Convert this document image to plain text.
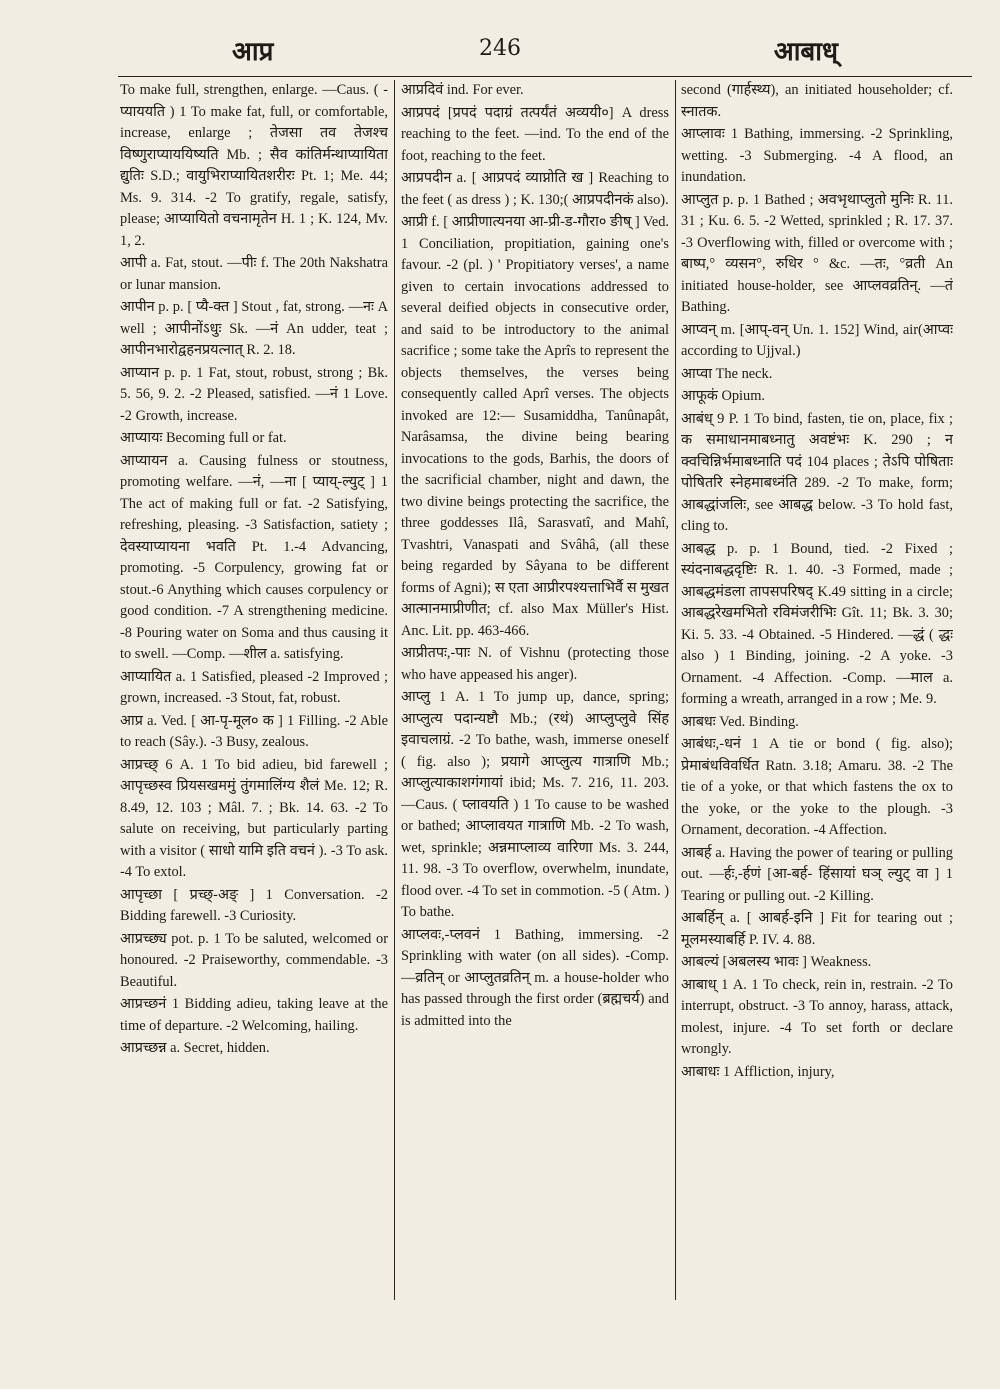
आप्र	246	आबाध्

To make full, strengthen, enlarge. —Caus. ( -प्याययति ) 1 To make fat, full, or comfortable, increase, enlarge ; तेजसा तव तेजश्च विष्णुराप्याययिष्यति Mb. ; सैव कांतिर्मन्थाप्यायिता द्युतिः S.D.; वायुभिराप्यायितशरीरः Pt. 1; Me. 44; Ms. 9. 314. -2 To gratify, regale, satisfy, please; आप्यायितो वचनामृतेन H. 1 ; K. 124, Mv. 1, 2.

आपी a. Fat, stout. —पीः f. The 20th Nakshatra or lunar mansion.

आपीन p. p. [ प्यै-क्त ] Stout , fat, strong. —नः A well ; आपीनोंऽधुः Sk. —नं An udder, teat ; आपीनभारोद्वहनप्रयत्नात् R. 2. 18.

आप्यान p. p. 1 Fat, stout, robust, strong ; Bk. 5. 56, 9. 2. -2 Pleased, satisfied. —नं 1 Love. -2 Growth, increase.

आप्यायः Becoming full or fat.

आप्यायन a. Causing fulness or stoutness, promoting welfare. —नं, —ना [ प्याय्-ल्युट् ] 1 The act of making full or fat. -2 Satisfying, refreshing, pleasing. -3 Satisfaction, satiety ; देवस्याप्यायना भवति Pt. 1.-4 Advancing, promoting. -5 Corpulency, growing fat or stout.-6 Anything which causes corpulency or good condition. -7 A strengthening medicine. -8 Pouring water on Soma and thus causing it to swell. —Comp. —शील a. satisfying.

आप्यायित a. 1 Satisfied, pleased -2 Improved ; grown, increased. -3 Stout, fat, robust.

आप्र a. Ved. [ आ-पृ-मूल० क ] 1 Filling. -2 Able to reach (Sây.). -3 Busy, zealous.

आप्रच्छ् 6 A. 1 To bid adieu, bid farewell ; आपृच्छस्व प्रियसखममुं तुंगमालिंग्य शैलं Me. 12; R. 8.49, 12. 103 ; Mâl. 7. ; Bk. 14. 63. -2 To salute on receiving, but particularly parting with a visitor ( साधो यामि इति वचनं ). -3 To ask. -4 To extol.

आपृच्छा [ प्रच्छ्-अङ् ] 1 Conversation. -2 Bidding farewell. -3 Curiosity.

आप्रच्छ्य pot. p. 1 To be saluted, welcomed or honoured. -2 Praiseworthy, commendable. -3 Beautiful.

आप्रच्छनं 1 Bidding adieu, taking leave at the time of departure. -2 Welcoming, hailing.

आप्रच्छन्न a. Secret, hidden.

आप्रदिवं ind. For ever.

आप्रपदं [प्रपदं पदाग्रं तत्पर्यंतं अव्ययी०] A dress reaching to the feet. —ind. To the end of the foot, reaching to the feet.

आप्रपदीन a. [ आप्रपदं व्याप्नोति ख ] Reaching to the feet ( as dress ) ; K. 130;( आप्रपदीनकं also).

आप्री f. [ आप्रीणात्यनया आ-प्री-ड-गौरा० ङीष् ] Ved. 1 Conciliation, propitiation, gaining one's favour. -2 (pl. ) ' Propitiatory verses', a name given to certain invocations addressed to several deified objects in consecutive order, and said to be introductory to the animal sacrifice ; some take the Aprîs to represent the objects themselves, the verses being consequently called Aprî verses. The objects invoked are 12:— Susamiddha, Tanûnapât, Narâsamsa, the divine being bearing invocations to the gods, Barhis, the doors of the sacrificial chamber, night and dawn, the two divine beings protecting the sacrifice, the three goddesses Ilâ, Sarasvatî, and Mahî, Tvashtri, Vanaspati and Svâhâ, (all these being regarded by Sâyana to be different forms of Agni); स एता आप्रीरपश्यत्ताभिर्वै स मुखत आत्मानमाप्रीणीत; cf. also Max Müller's Hist. Anc. Lit. pp. 463-466.

आप्रीतपः,-पाः N. of Vishnu (protecting those who have appeased his anger).

आप्लु 1 A. 1 To jump up, dance, spring; आप्लुत्य पदान्यष्टौ Mb.; (रथं) आप्लुप्लुवे सिंह इवाचलाग्रं. -2 To bathe, wash, immerse oneself ( fig. also ); प्रयागे आप्लुत्य गात्राणि Mb.; आप्लुत्याकाशगंगायां ibid; Ms. 7. 216, 11. 203. —Caus. ( प्लावयति ) 1 To cause to be washed or bathed; आप्लावयत गात्राणि Mb. -2 To wash, wet, sprinkle; अन्नमाप्लाव्य वारिणा Ms. 3. 244, 11. 98. -3 To overflow, overwhelm, inundate, flood over. -4 To set in commotion. -5 ( Atm. ) To bathe.

आप्लवः,-प्लवनं 1 Bathing, immersing. -2 Sprinkling with water (on all sides). -Comp. —व्रतिन् or आप्लुतव्रतिन् m. a house-holder who has passed through the first order (ब्रह्मचर्य) and is admitted into the

second (गार्हस्थ्य), an initiated householder; cf. स्नातक.

आप्लावः 1 Bathing, immersing. -2 Sprinkling, wetting. -3 Submerging. -4 A flood, an inundation.

आप्लुत p. p. 1 Bathed ; अवभृथाप्लुतो मुनिः R. 11. 31 ; Ku. 6. 5. -2 Wetted, sprinkled ; R. 17. 37. -3 Overflowing with, filled or overcome with ; बाष्प,° व्यसन°, रुधिर ° &c. —तः, °व्रती An initiated house-holder, see आप्लवव्रतिन्. —तं Bathing.

आप्वन् m. [आप्-वन् Un. 1. 152] Wind, air(आप्वः according to Ujjval.)

आप्वा The neck.

आफूकं Opium.

आबंध् 9 P. 1 To bind, fasten, tie on, place, fix ; क समाधानमाबध्नातु अवष्टंभः K. 290 ; न क्वचिन्निर्भमाबध्नाति पदं 104 places ; तेऽपि पोषिताः पोषितरि स्नेहमाबध्नंति 289. -2 To make, form; आबद्धांजलिः, see आबद्ध below. -3 To hold fast, cling to.

आबद्ध p. p. 1 Bound, tied. -2 Fixed ; स्यंदनाबद्धदृष्टिः R. 1. 40. -3 Formed, made ; आबद्धमंडला तापसपरिषद् K.49 sitting in a circle; आबद्धरेखमभितो रविमंजरीभिः Gît. 11; Bk. 3. 30; Ki. 5. 33. -4 Obtained. -5 Hindered. —द्धं ( द्धः also ) 1 Binding, joining. -2 A yoke. -3 Ornament. -4 Affection. -Comp. —माल a. forming a wreath, arranged in a row ; Me. 9.

आबधः Ved. Binding.

आबंधः,-धनं 1 A tie or bond ( fig. also); प्रेमाबंधविवर्धित Ratn. 3.18; Amaru. 38. -2 The tie of a yoke, or that which fastens the ox to the yoke, or the yoke to the plough. -3 Ornament, decoration. -4 Affection.

आबर्ह a. Having the power of tearing or pulling out. —र्हः,-र्हणं [आ-बर्ह- हिंसायां घञ् ल्युट् वा ] 1 Tearing or pulling out. -2 Killing.

आबर्हिन् a. [ आबर्ह-इनि ] Fit for tearing out ; मूलमस्याबर्हि P. IV. 4. 88.

आबल्यं [अबलस्य भावः ] Weakness.

आबाध् 1 A. 1 To check, rein in, restrain. -2 To interrupt, obstruct. -3 To annoy, harass, attack, molest, injure. -4 To set forth or declare wrongly.

आबाधः 1 Affliction, injury,
